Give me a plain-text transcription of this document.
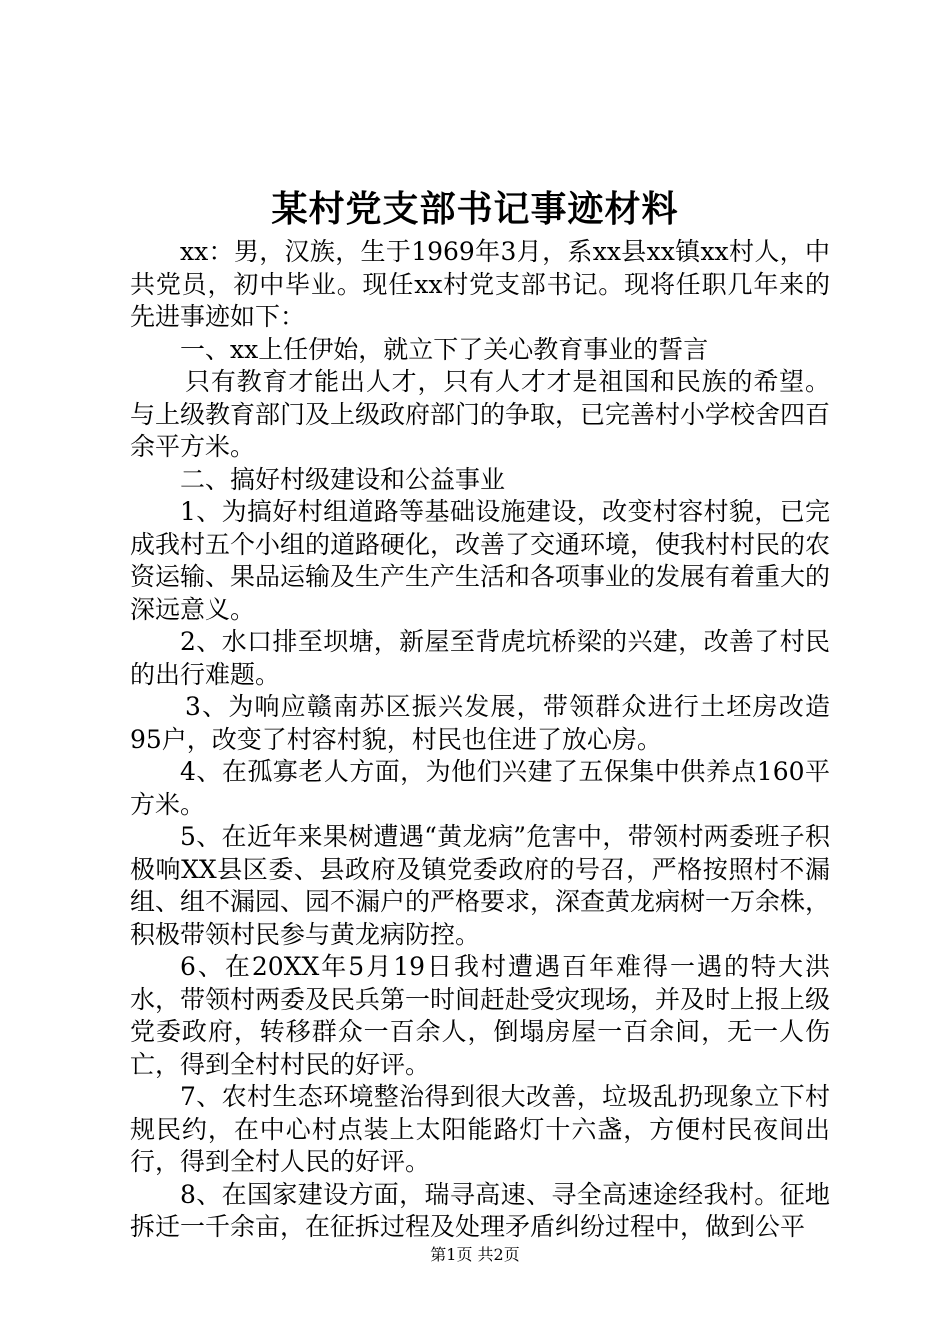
某村党支部书记事迹材料

xx：男，汉族，生于1969年3月，系xx县xx镇xx村人，中共党员，初中毕业。现任xx村党支部书记。现将任职几年来的先进事迹如下：

一、xx上任伊始，就立下了关心教育事业的誓言

只有教育才能出人才，只有人才才是祖国和民族的希望。与上级教育部门及上级政府部门的争取，已完善村小学校舍四百余平方米。

二、搞好村级建设和公益事业

1、为搞好村组道路等基础设施建设，改变村容村貌，已完成我村五个小组的道路硬化，改善了交通环境，使我村村民的农资运输、果品运输及生产生产生活和各项事业的发展有着重大的深远意义。

2、水口排至坝塘，新屋至背虎坑桥梁的兴建，改善了村民的出行难题。

3、为响应赣南苏区振兴发展，带领群众进行土坯房改造95户，改变了村容村貌，村民也住进了放心房。

4、在孤寡老人方面，为他们兴建了五保集中供养点160平方米。

5、在近年来果树遭遇“黄龙病”危害中，带领村两委班子积极响XX县区委、县政府及镇党委政府的号召，严格按照村不漏组、组不漏园、园不漏户的严格要求，深查黄龙病树一万余株，积极带领村民参与黄龙病防控。

6、在20XX年5月19日我村遭遇百年难得一遇的特大洪水，带领村两委及民兵第一时间赶赴受灾现场，并及时上报上级党委政府，转移群众一百余人，倒塌房屋一百余间，无一人伤亡，得到全村村民的好评。

7、农村生态环境整治得到很大改善，垃圾乱扔现象立下村规民约，在中心村点装上太阳能路灯十六盏，方便村民夜间出行，得到全村人民的好评。

8、在国家建设方面，瑞寻高速、寻全高速途经我村。征地拆迁一千余亩，在征拆过程及处理矛盾纠纷过程中，做到公平

第1页 共2页
